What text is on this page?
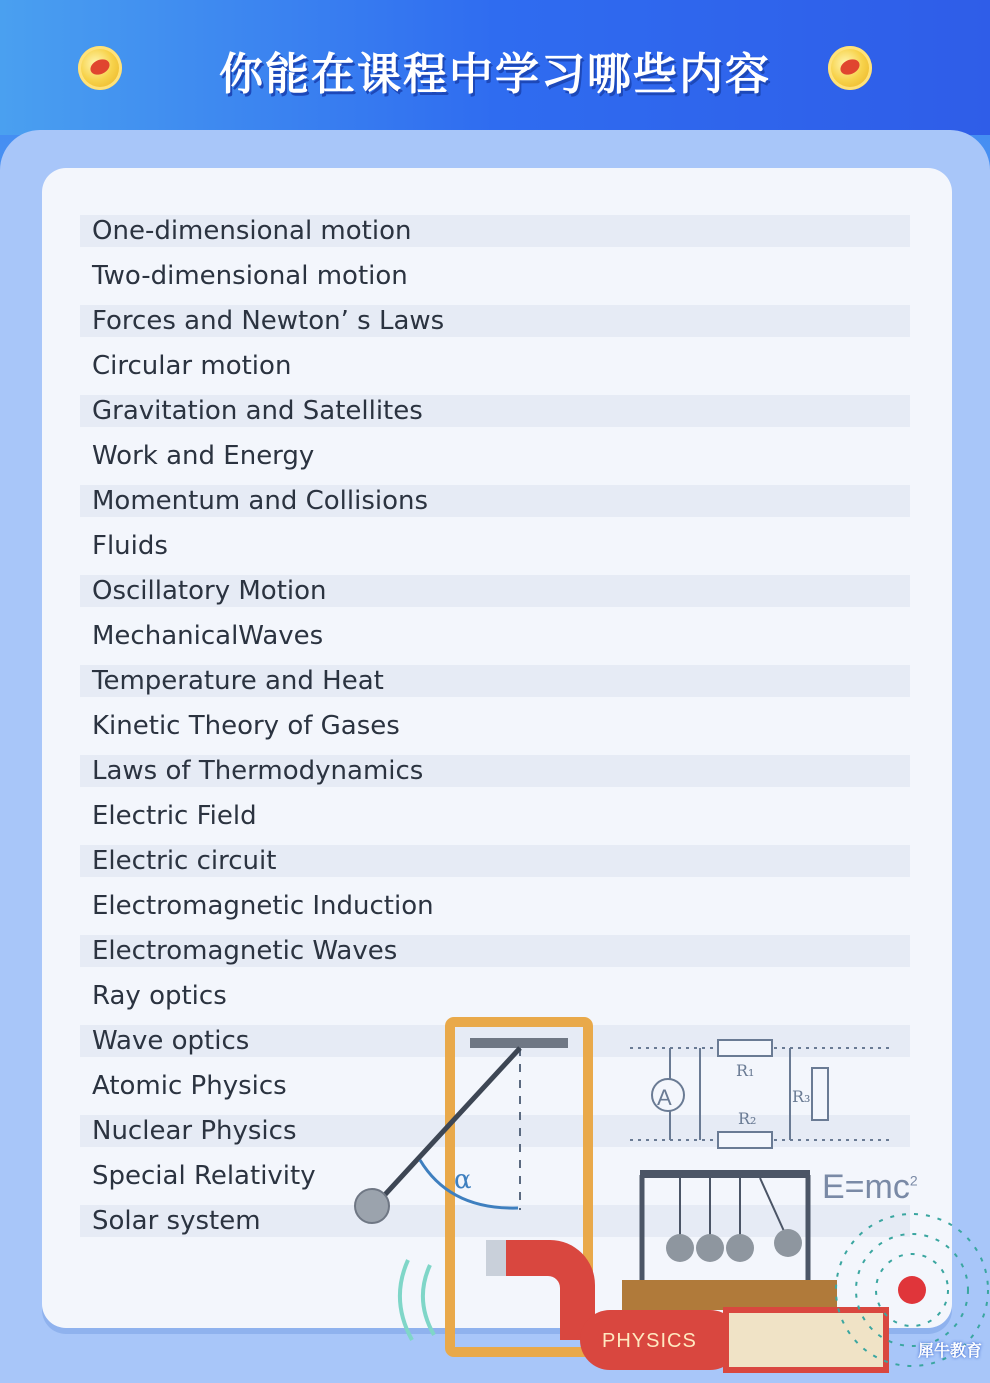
你能在课程中学习哪些内容
One-dimensional motion
Two-dimensional motion
Forces and Newton’ s Laws
Circular motion
Gravitation and Satellites
Work and Energy
Momentum and Collisions
Fluids
Oscillatory Motion
MechanicalWaves
Temperature and Heat
Kinetic Theory of Gases
Laws of Thermodynamics
Electric Field
Electric circuit
Electromagnetic Induction
Electromagnetic Waves
Ray optics
Wave optics
Atomic Physics
Nuclear Physics
Special Relativity
Solar system
α
A
R₁
R₂
R₃
$E=mc^2$
PHYSICS	犀牛教育
